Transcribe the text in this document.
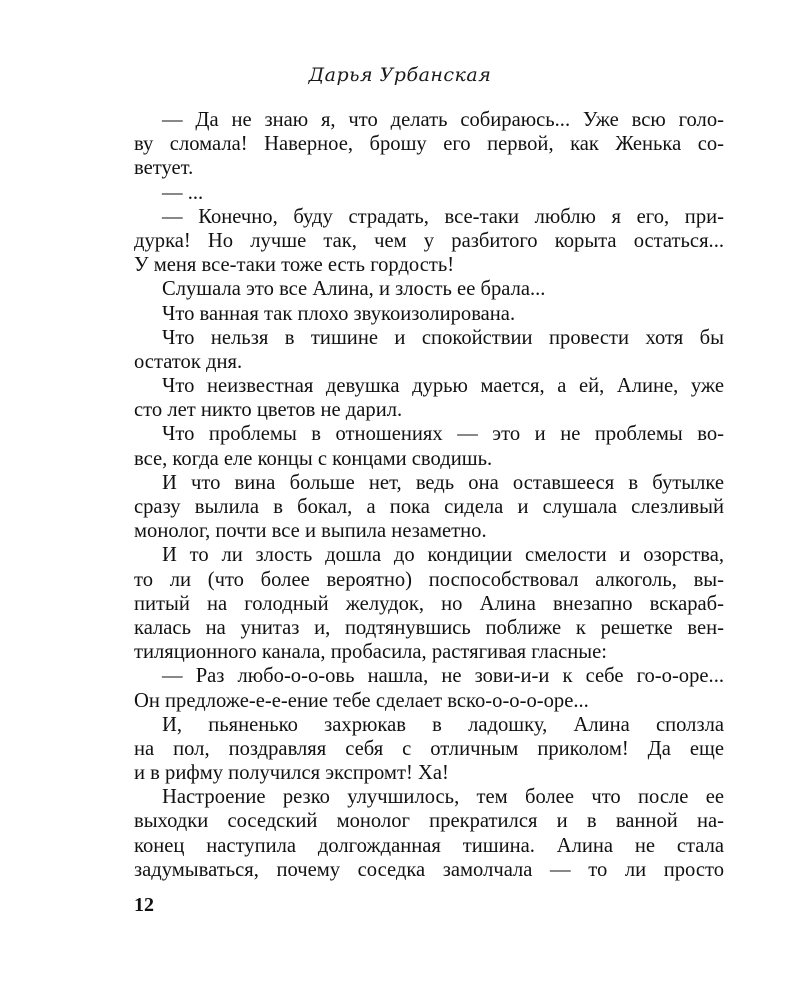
Дарья Урбанская
— Да не знаю я, что делать собираюсь... Уже всю голо-
ву сломала! Наверное, брошу его первой, как Женька со-
ветует.
— ...
— Конечно, буду страдать, все-таки люблю я его, при-
дурка! Но лучше так, чем у разбитого корыта остаться...
У меня все-таки тоже есть гордость!
Слушала это все Алина, и злость ее брала...
Что ванная так плохо звукоизолирована.
Что нельзя в тишине и спокойствии провести хотя бы
остаток дня.
Что неизвестная девушка дурью мается, а ей, Алине, уже
сто лет никто цветов не дарил.
Что проблемы в отношениях — это и не проблемы во-
все, когда еле концы с концами сводишь.
И что вина больше нет, ведь она оставшееся в бутылке
сразу вылила в бокал, а пока сидела и слушала слезливый
монолог, почти все и выпила незаметно.
И то ли злость дошла до кондиции смелости и озорства,
то ли (что более вероятно) поспособствовал алкоголь, вы-
питый на голодный желудок, но Алина внезапно вскараб-
калась на унитаз и, подтянувшись поближе к решетке вен-
тиляционного канала, пробасила, растягивая гласные:
— Раз любо-о-о-овь нашла, не зови-и-и к себе го-о-оре...
Он предложе-е-е-ение тебе сделает вско-о-о-о-оре...
И, пьяненько захрюкав в ладошку, Алина сползла
на пол, поздравляя себя с отличным приколом! Да еще
и в рифму получился экспромт! Ха!
Настроение резко улучшилось, тем более что после ее
выходки соседский монолог прекратился и в ванной на-
конец наступила долгожданная тишина. Алина не стала
задумываться, почему соседка замолчала — то ли просто
12
